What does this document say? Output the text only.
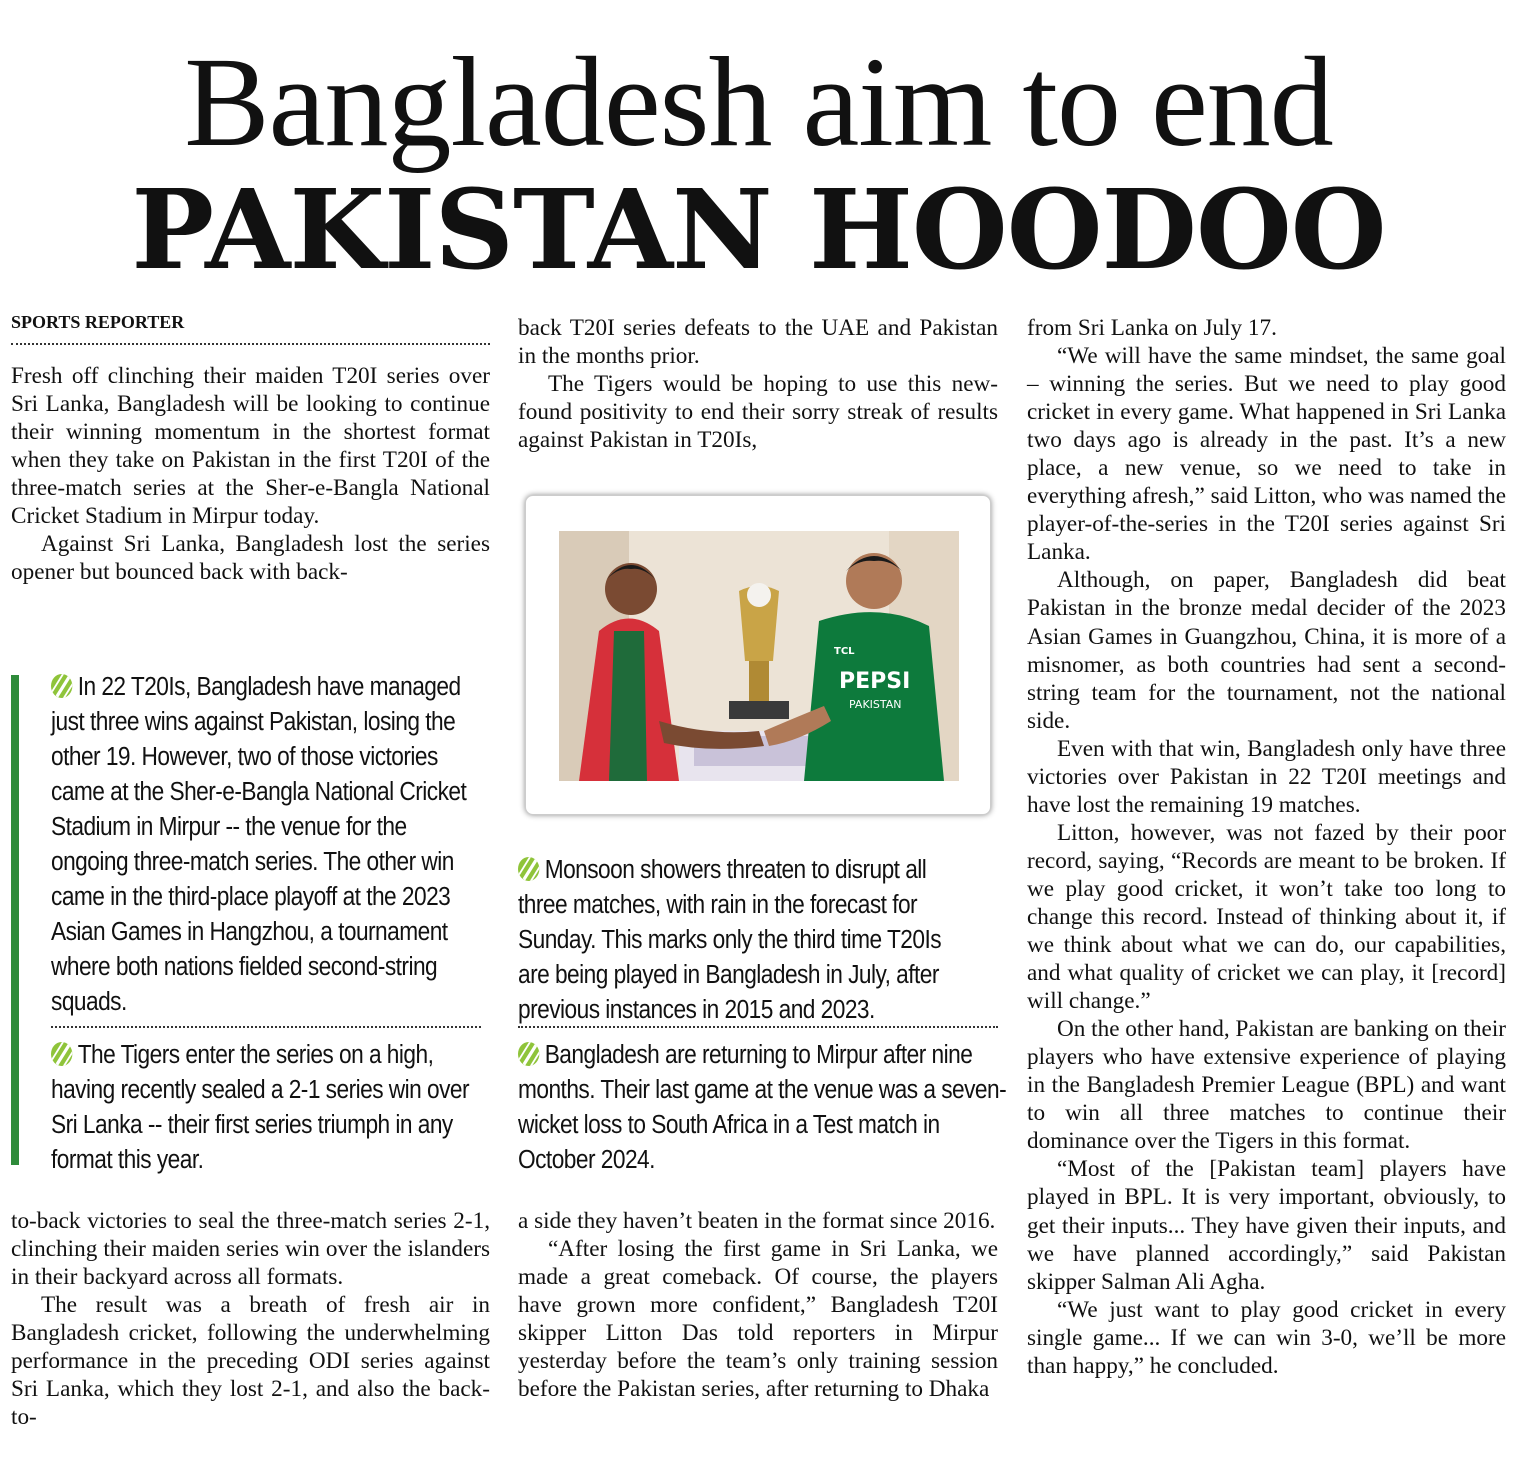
Bangladesh aim to end
PAKISTAN HOODOO
SPORTS REPORTER

Fresh off clinching their maiden T20I series over Sri Lanka, Bangladesh will be looking to continue their winning momentum in the shortest format when they take on Pakistan in the first T20I of the three-match series at the Sher-e-Bangla National Cricket Stadium in Mirpur today.

Against Sri Lanka, Bangladesh lost the series opener but bounced back with back-

In 22 T20Is, Bangladesh have managed just three wins against Pakistan, losing the other 19. However, two of those victories came at the Sher-e-Bangla National Cricket Stadium in Mirpur -- the venue for the ongoing three-match series. The other win came in the third-place playoff at the 2023 Asian Games in Hangzhou, a tournament where both nations fielded second-string squads.
The Tigers enter the series on a high, having recently sealed a 2-1 series win over Sri Lanka -- their first series triumph in any format this year.

to-back victories to seal the three-match series 2-1, clinching their maiden series win over the islanders in their backyard across all formats.

The result was a breath of fresh air in Bangladesh cricket, following the underwhelming performance in the preceding ODI series against Sri Lanka, which they lost 2-1, and also the back-to-

back T20I series defeats to the UAE and Pakistan in the months prior.

The Tigers would be hoping to use this new-found positivity to end their sorry streak of results against Pakistan in T20Is,

PEPSI
PAKISTAN
TCL
Monsoon showers threaten to disrupt all three matches, with rain in the forecast for Sunday. This marks only the third time T20Is are being played in Bangladesh in July, after previous instances in 2015 and 2023.
Bangladesh are returning to Mirpur after nine months. Their last game at the venue was a seven-wicket loss to South Africa in a Test match in October 2024.

a side they haven’t beaten in the format since 2016.

“After losing the first game in Sri Lanka, we made a great comeback. Of course, the players have grown more confident,” Bangladesh T20I skipper Litton Das told reporters in Mirpur yesterday before the team’s only training session before the Pakistan series, after returning to Dhaka

from Sri Lanka on July 17.

“We will have the same mindset, the same goal – winning the series. But we need to play good cricket in every game. What happened in Sri Lanka two days ago is already in the past. It’s a new place, a new venue, so we need to take in everything afresh,” said Litton, who was named the player-of-the-series in the T20I series against Sri Lanka.

Although, on paper, Bangladesh did beat Pakistan in the bronze medal decider of the 2023 Asian Games in Guangzhou, China, it is more of a misnomer, as both countries had sent a second-string team for the tournament, not the national side.

Even with that win, Bangladesh only have three victories over Pakistan in 22 T20I meetings and have lost the remaining 19 matches.

Litton, however, was not fazed by their poor record, saying, “Records are meant to be broken. If we play good cricket, it won’t take too long to change this record. Instead of thinking about it, if we think about what we can do, our capabilities, and what quality of cricket we can play, it [record] will change.”

On the other hand, Pakistan are banking on their players who have extensive experience of playing in the Bangladesh Premier League (BPL) and want to win all three matches to continue their dominance over the Tigers in this format.

“Most of the [Pakistan team] players have played in BPL. It is very important, obviously, to get their inputs... They have given their inputs, and we have planned accordingly,” said Pakistan skipper Salman Ali Agha.

“We just want to play good cricket in every single game... If we can win 3-0, we’ll be more than happy,” he concluded.
